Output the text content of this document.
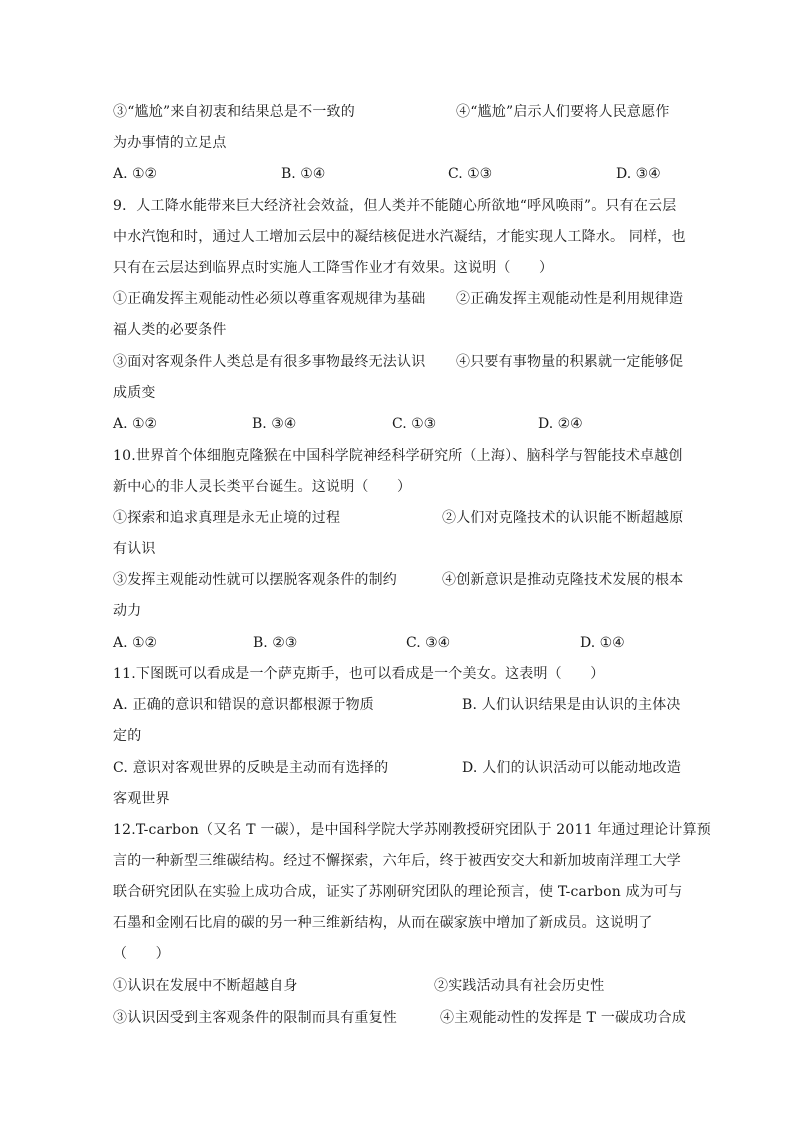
③“尴尬”来自初衷和结果总是不一致的	④“尴尬”启示人们要将人民意愿作
为办事情的立足点
A. ①②	B. ①④	C. ①③	D. ③④
9．人工降水能带来巨大经济社会效益，但人类并不能随心所欲地“呼风唤雨”。只有在云层
中水汽饱和时，通过人工增加云层中的凝结核促进水汽凝结，才能实现人工降水。 同样，也
只有在云层达到临界点时实施人工降雪作业才有效果。这说明（　　）
①正确发挥主观能动性必须以尊重客观规律为基础 ②正确发挥主观能动性是利用规律造
福人类的必要条件
③面对客观条件人类总是有很多事物最终无法认识 ④只要有事物量的积累就一定能够促
成质变
A. ①②	B. ③④	C. ①③	D. ②④
10.世界首个体细胞克隆猴在中国科学院神经科学研究所（上海）、脑科学与智能技术卓越创
新中心的非人灵长类平台诞生。这说明（　　）
①探索和追求真理是永无止境的过程	②人们对克隆技术的认识能不断超越原
有认识
③发挥主观能动性就可以摆脱客观条件的制约	④创新意识是推动克隆技术发展的根本
动力
A. ①②	B. ②③	C. ③④	D. ①④
11.下图既可以看成是一个萨克斯手，也可以看成是一个美女。这表明（　　）
A. 正确的意识和错误的意识都根源于物质	B. 人们认识结果是由认识的主体决
定的
C. 意识对客观世界的反映是主动而有选择的	D. 人们的认识活动可以能动地改造
客观世界
12.T-carbon（又名 T 一碳），是中国科学院大学苏刚教授研究团队于 2011 年通过理论计算预
言的一种新型三维碳结构。经过不懈探索，六年后，终于被西安交大和新加坡南洋理工大学
联合研究团队在实验上成功合成，证实了苏刚研究团队的理论预言，使 T-carbon 成为可与
石墨和金刚石比肩的碳的另一种三维新结构，从而在碳家族中增加了新成员。这说明了
（　　）
①认识在发展中不断超越自身	②实践活动具有社会历史性
③认识因受到主客观条件的限制而具有重复性	④主观能动性的发挥是 T 一碳成功合成
